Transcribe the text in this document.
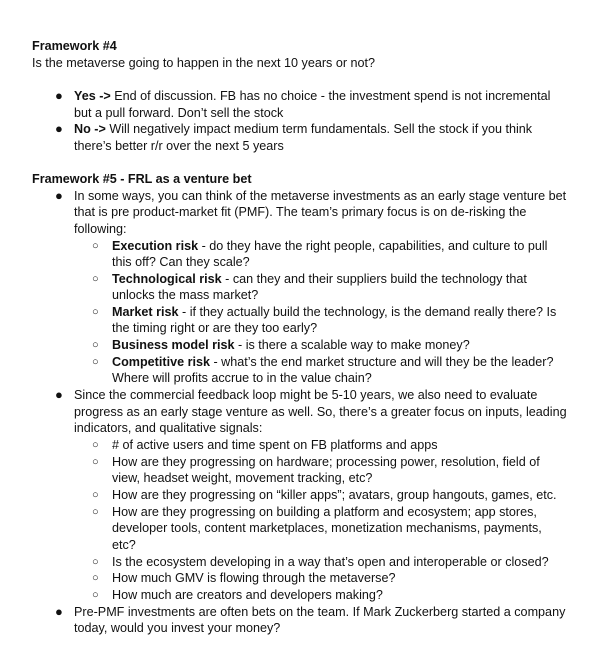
Framework #4
Is the metaverse going to happen in the next 10 years or not?
● Yes -> End of discussion. FB has no choice - the investment spend is not incremental
but a pull forward. Don’t sell the stock
● No -> Will negatively impact medium term fundamentals. Sell the stock if you think
there’s better r/r over the next 5 years
Framework #5 - FRL as a venture bet
● In some ways, you can think of the metaverse investments as an early stage venture bet
that is pre product-market fit (PMF). The team’s primary focus is on de-risking the
following:
○ Execution risk - do they have the right people, capabilities, and culture to pull
this off? Can they scale?
○ Technological risk - can they and their suppliers build the technology that
unlocks the mass market?
○ Market risk - if they actually build the technology, is the demand really there? Is
the timing right or are they too early?
○ Business model risk - is there a scalable way to make money?
○ Competitive risk - what’s the end market structure and will they be the leader?
Where will profits accrue to in the value chain?
● Since the commercial feedback loop might be 5-10 years, we also need to evaluate
progress as an early stage venture as well. So, there’s a greater focus on inputs, leading
indicators, and qualitative signals:
○ # of active users and time spent on FB platforms and apps
○ How are they progressing on hardware; processing power, resolution, field of
view, headset weight, movement tracking, etc?
○ How are they progressing on “killer apps”; avatars, group hangouts, games, etc.
○ How are they progressing on building a platform and ecosystem; app stores,
developer tools, content marketplaces, monetization mechanisms, payments,
etc?
○ Is the ecosystem developing in a way that’s open and interoperable or closed?
○ How much GMV is flowing through the metaverse?
○ How much are creators and developers making?
● Pre-PMF investments are often bets on the team. If Mark Zuckerberg started a company
today, would you invest your money?
